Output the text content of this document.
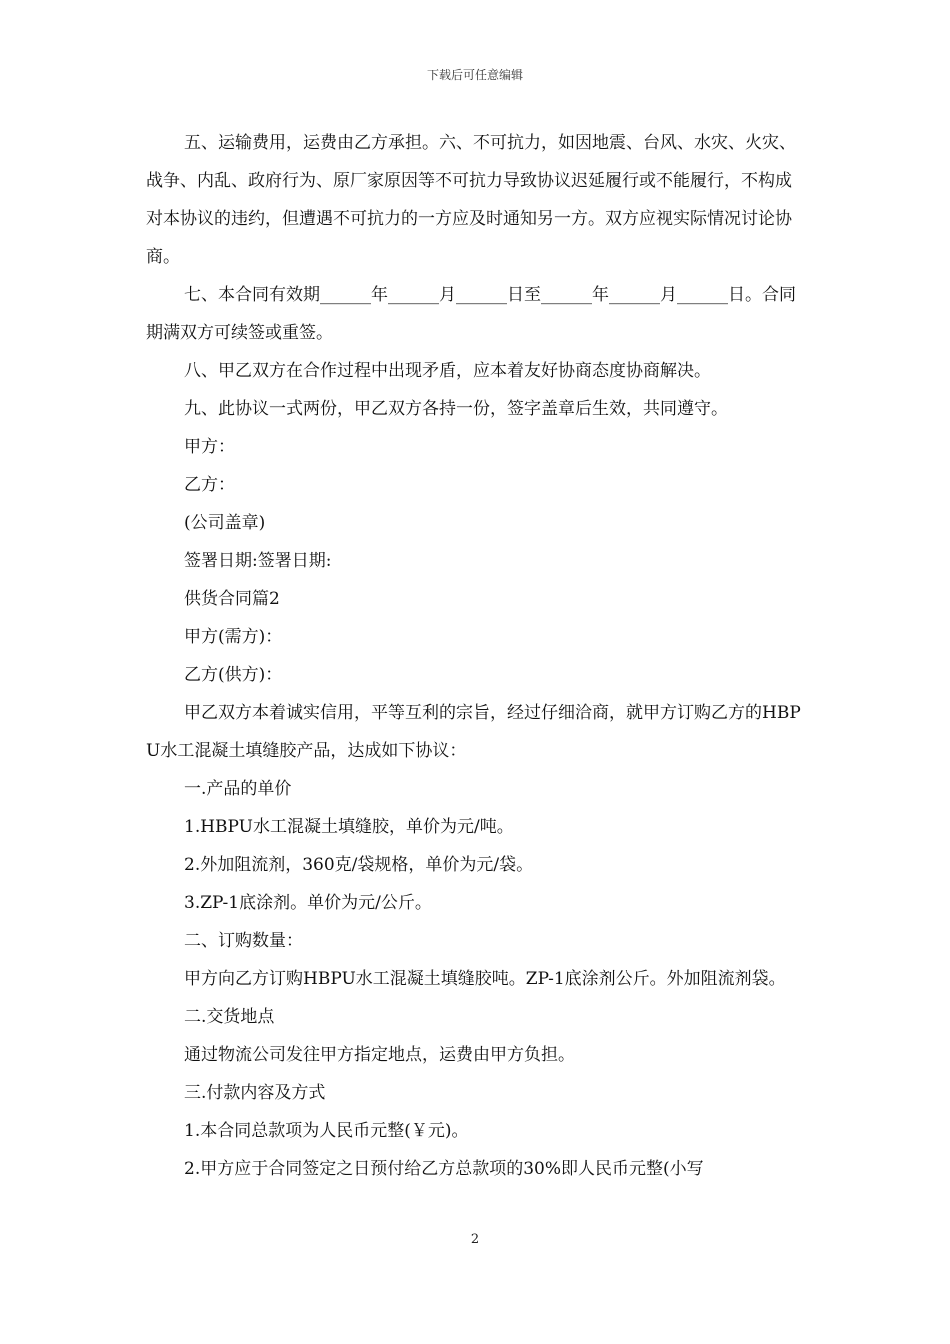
下载后可任意编辑

五、运输费用，运费由乙方承担。六、不可抗力，如因地震、台风、水灾、火灾、战争、内乱、政府行为、原厂家原因等不可抗力导致协议迟延履行或不能履行，不构成对本协议的违约，但遭遇不可抗力的一方应及时通知另一方。双方应视实际情况讨论协商。

七、本合同有效期______年______月______日至______年______月______日。合同期满双方可续签或重签。

八、甲乙双方在合作过程中出现矛盾，应本着友好协商态度协商解决。

九、此协议一式两份，甲乙双方各持一份，签字盖章后生效，共同遵守。

甲方：

乙方：

(公司盖章)

签署日期:签署日期:

供货合同篇2

甲方(需方)：

乙方(供方)：

甲乙双方本着诚实信用，平等互利的宗旨，经过仔细洽商，就甲方订购乙方的HBPU水工混凝土填缝胶产品，达成如下协议：

一.产品的单价

1.HBPU水工混凝土填缝胶，单价为元/吨。

2.外加阻流剂，360克/袋规格，单价为元/袋。

3.ZP-1底涂剂。单价为元/公斤。

二、订购数量：

甲方向乙方订购HBPU水工混凝土填缝胶吨。ZP-1底涂剂公斤。外加阻流剂袋。

二.交货地点

通过物流公司发往甲方指定地点，运费由甲方负担。

三.付款内容及方式

1.本合同总款项为人民币元整(￥元)。

2.甲方应于合同签定之日预付给乙方总款项的30%即人民币元整(小写

2
